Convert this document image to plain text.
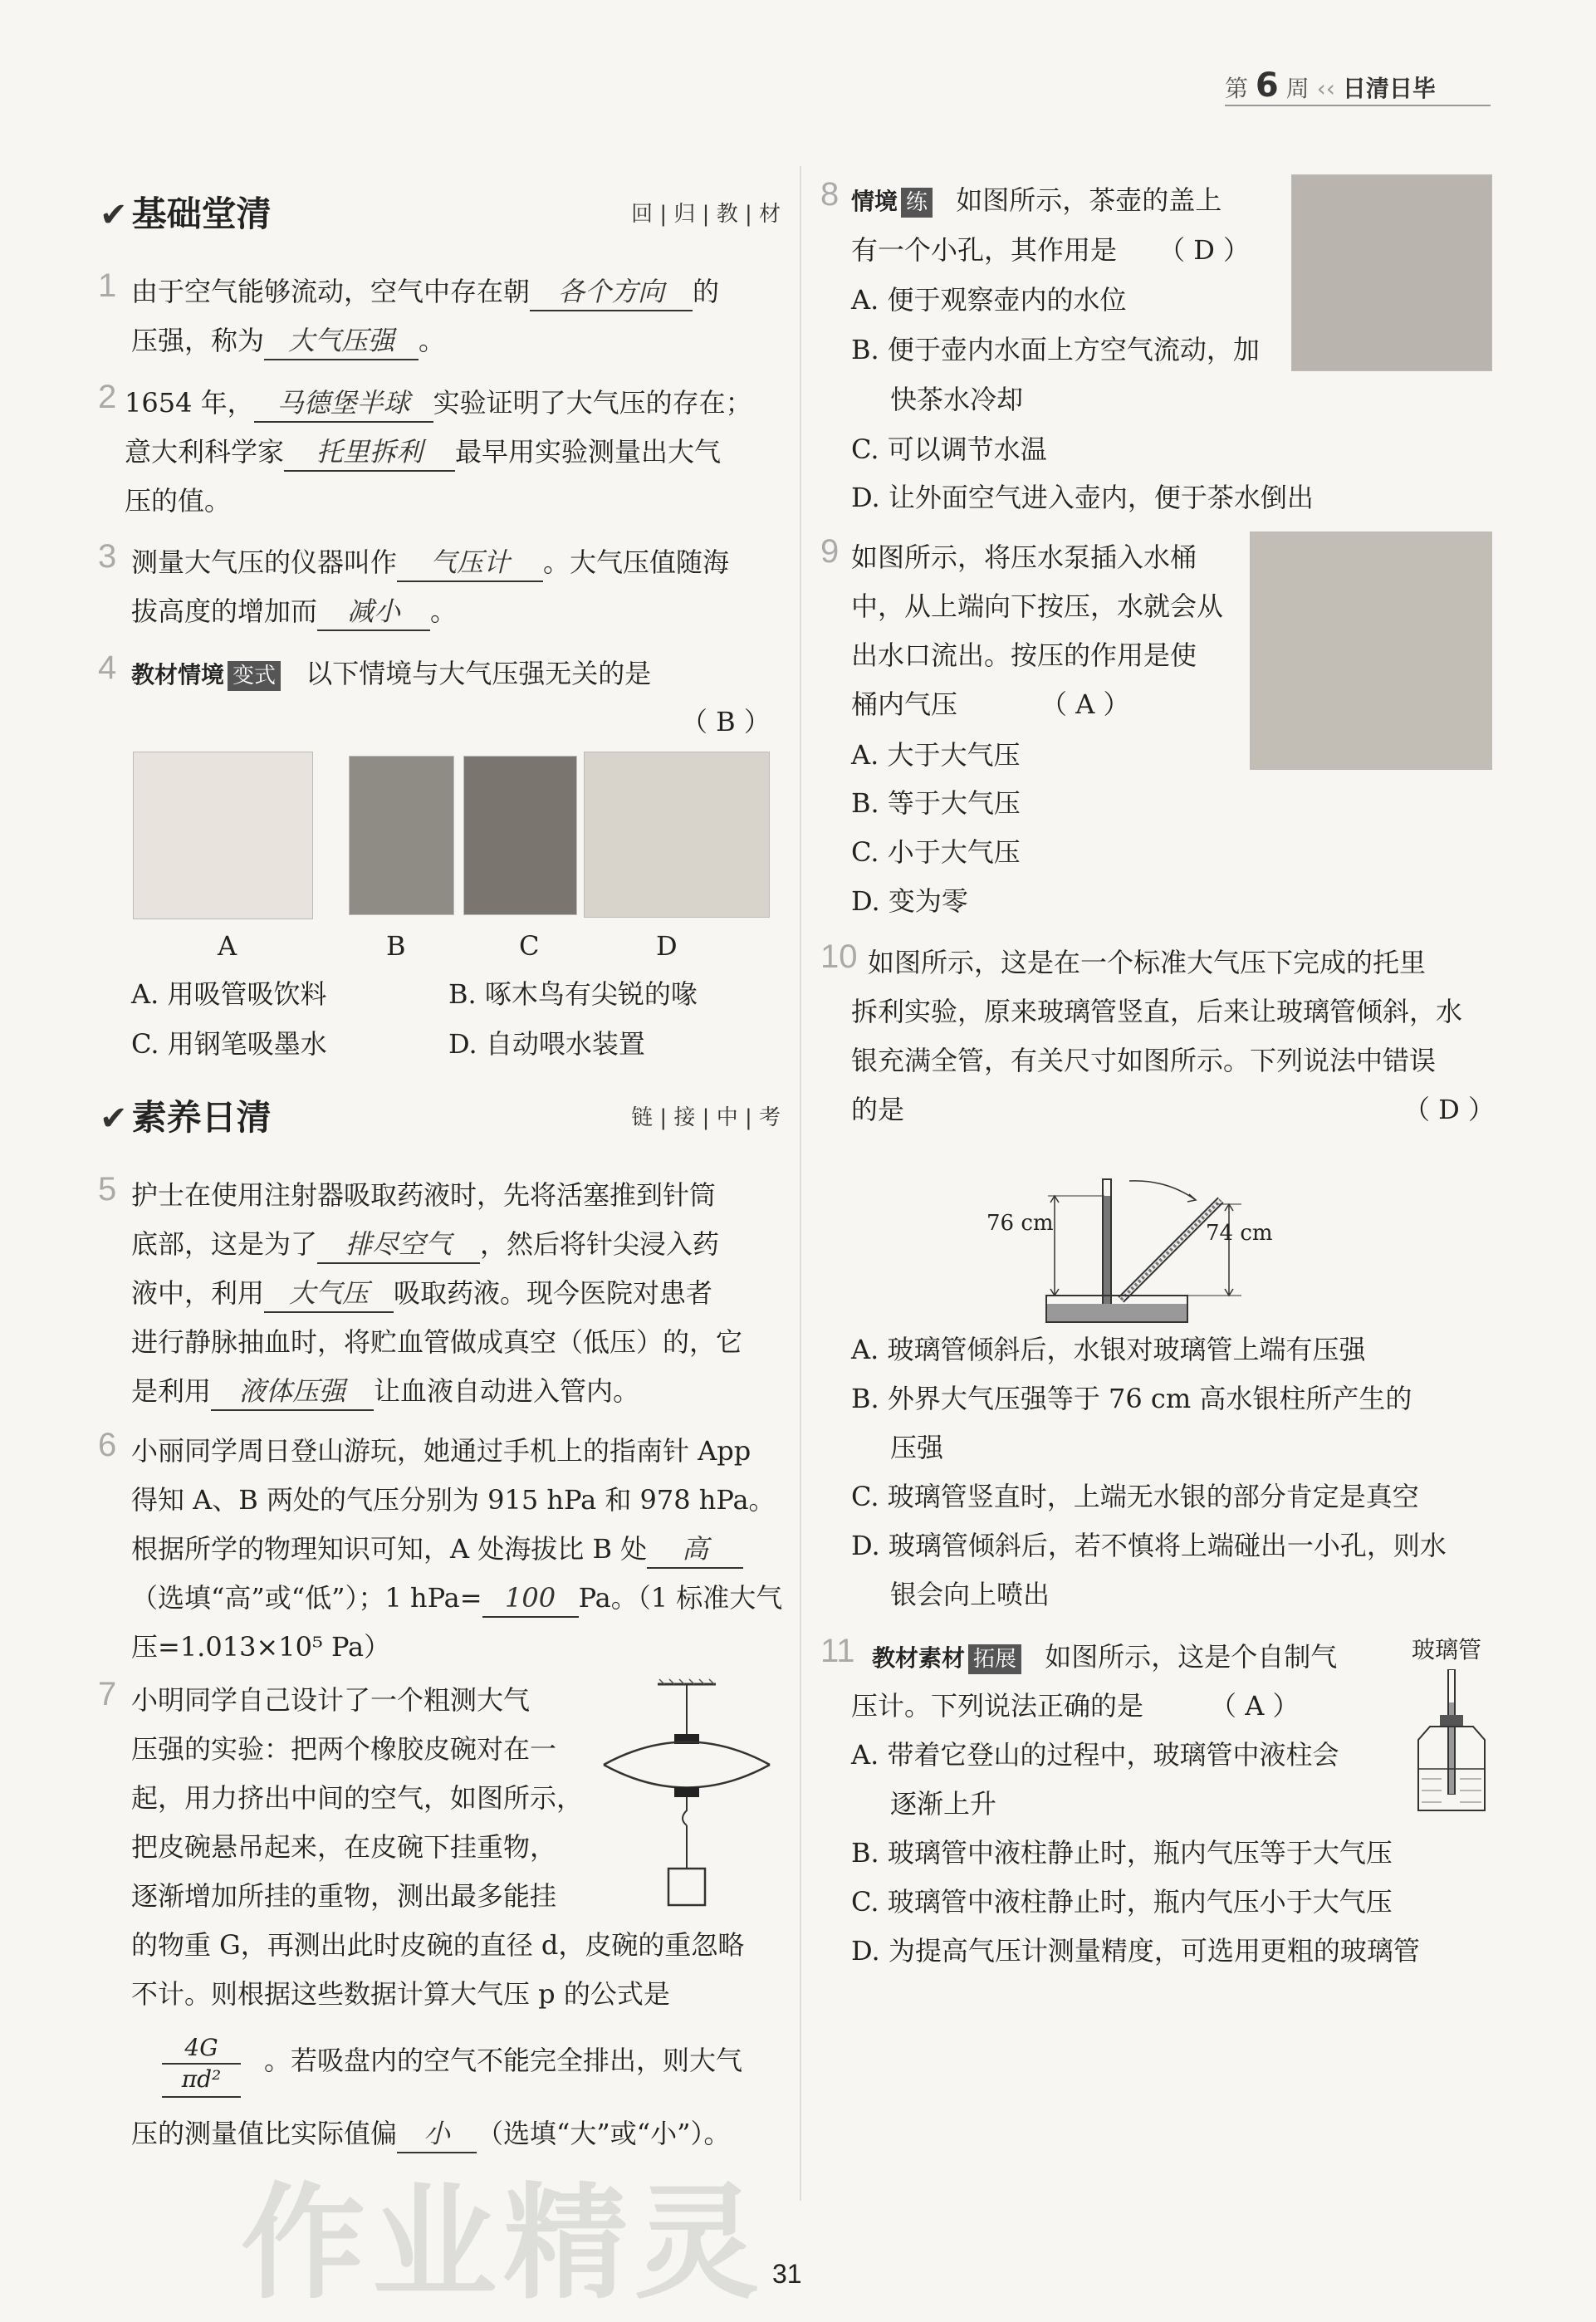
第 6 周 ‹‹ 日清日毕
✔ 基础堂清	回 | 归 | 教 | 材
1 由于空气能够流动，空气中存在朝 各个方向 的
压强，称为 大气压强 。
2 1654 年， 马德堡半球 实验证明了大气压的存在；
意大利科学家 托里拆利 最早用实验测量出大气
压的值。
3 测量大气压的仪器叫作 气压计 。大气压值随海
拔高度的增加而 减小 。
4 教材情境 变式 以下情境与大气压强无关的是
（ B ）
A	B	C	D
A. 用吸管吸饮料	B. 啄木鸟有尖锐的喙
C. 用钢笔吸墨水	D. 自动喂水装置
✔ 素养日清	链 | 接 | 中 | 考
5 护士在使用注射器吸取药液时，先将活塞推到针筒
底部，这是为了 排尽空气 ，然后将针尖浸入药
液中，利用 大气压 吸取药液。现今医院对患者
进行静脉抽血时，将贮血管做成真空（低压）的，它
是利用 液体压强 让血液自动进入管内。
6 小丽同学周日登山游玩，她通过手机上的指南针 App
得知 A、B 两处的气压分别为 915 hPa 和 978 hPa。
根据所学的物理知识可知，A 处海拔比 B 处 高
（选填“高”或“低”）；1 hPa= 100 Pa。（1 标准大气
压=1.013×10⁵ Pa）
7 小明同学自己设计了一个粗测大气
压强的实验：把两个橡胶皮碗对在一
起，用力挤出中间的空气，如图所示，
把皮碗悬吊起来，在皮碗下挂重物，
逐渐增加所挂的重物，测出最多能挂
的物重 G，再测出此时皮碗的直径 d，皮碗的重忽略
不计。则根据这些数据计算大气压 p 的公式是
$\frac{4G}{\text{πd²}}$ 。若吸盘内的空气不能完全排出，则大气
压的测量值比实际值偏 小 （选填“大”或“小”）。
作业精灵 31
8 情境 练 如图所示，茶壶的盖上
有一个小孔，其作用是 （ D ）
A. 便于观察壶内的水位
B. 便于壶内水面上方空气流动，加
快茶水冷却
C. 可以调节水温
D. 让外面空气进入壶内，便于茶水倒出
9 如图所示，将压水泵插入水桶
中，从上端向下按压，水就会从
出水口流出。按压的作用是使
桶内气压	（ A ）
A. 大于大气压
B. 等于大气压
C. 小于大气压
D. 变为零
10 如图所示，这是在一个标准大气压下完成的托里
拆利实验，原来玻璃管竖直，后来让玻璃管倾斜，水
银充满全管，有关尺寸如图所示。下列说法中错误
的是	（ D ）
76 cm	74 cm
A. 玻璃管倾斜后，水银对玻璃管上端有压强
B. 外界大气压强等于 76 cm 高水银柱所产生的
压强
C. 玻璃管竖直时，上端无水银的部分肯定是真空
D. 玻璃管倾斜后，若不慎将上端碰出一小孔，则水
银会向上喷出
11 教材素材 拓展 如图所示，这是个自制气
压计。下列说法正确的是	（ A ）
玻璃管
A. 带着它登山的过程中，玻璃管中液柱会
逐渐上升
B. 玻璃管中液柱静止时，瓶内气压等于大气压
C. 玻璃管中液柱静止时，瓶内气压小于大气压
D. 为提高气压计测量精度，可选用更粗的玻璃管
